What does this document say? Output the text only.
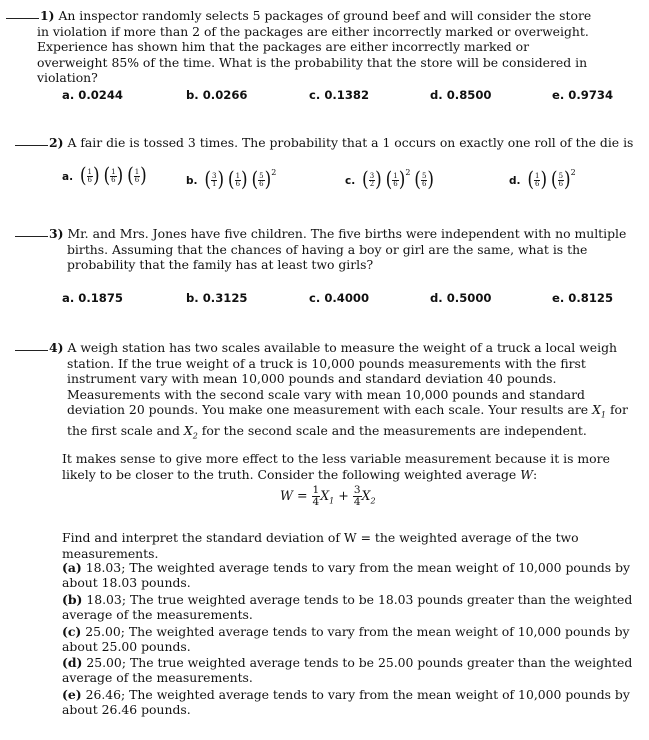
1) An inspector randomly selects 5 packages of ground beef and will consider the store in violation if more than 2 of the packages are either incorrectly marked or overweight. Experience has shown him that the packages are either incorrectly marked or overweight 85% of the time. What is the probability that the store will be considered in violation?
a. 0.0244	b. 0.0266	c. 0.1382	d. 0.8500	e. 0.9734
2) A fair die is tossed 3 times. The probability that a 1 occurs on exactly one roll of the die is
a. ( $\frac{1}{6}$ ) ( $\frac{1}{6}$ ) ( $\frac{1}{6}$ )	b. ( $\frac{3}{1}$ ) ( $\frac{1}{6}$ ) ( $\frac{5}{6} )^2$
c. ( $\frac{3}{2}$ ) ( $\frac{1}{6} )^2$ ( $\frac{5}{6}$ )	d. ( $\frac{1}{6}$ ) ( $\frac{5}{6} )^2$
3) Mr. and Mrs. Jones have five children. The five births were independent with no multiple births. Assuming that the chances of having a boy or girl are the same, what is the probability that the family has at least two girls?
a. 0.1875	b. 0.3125	c. 0.4000	d. 0.5000	e. 0.8125
4) A weigh station has two scales available to measure the weight of a truck a local weigh station. If the true weight of a truck is 10,000 pounds measurements with the first instrument vary with mean 10,000 pounds and standard deviation 40 pounds. Measurements with the second scale vary with mean 10,000 pounds and standard deviation 20 pounds. You make one measurement with each scale. Your results are $X_1$ for the first scale and $X_2$ for the second scale and the measurements are independent.
It makes sense to give more effect to the less variable measurement because it is more likely to be closer to the truth. Consider the following weighted average W:
$W = \frac{1}{4} X_1 + \frac{3}{4} X_2$
Find and interpret the standard deviation of W = the weighted average of the two measurements.
(a) 18.03; The weighted average tends to vary from the mean weight of 10,000 pounds by about 18.03 pounds.
(b) 18.03; The true weighted average tends to be 18.03 pounds greater than the weighted average of the measurements.
(c) 25.00; The weighted average tends to vary from the mean weight of 10,000 pounds by about 25.00 pounds.
(d) 25.00; The true weighted average tends to be 25.00 pounds greater than the weighted average of the measurements.
(e) 26.46; The weighted average tends to vary from the mean weight of 10,000 pounds by about 26.46 pounds.
